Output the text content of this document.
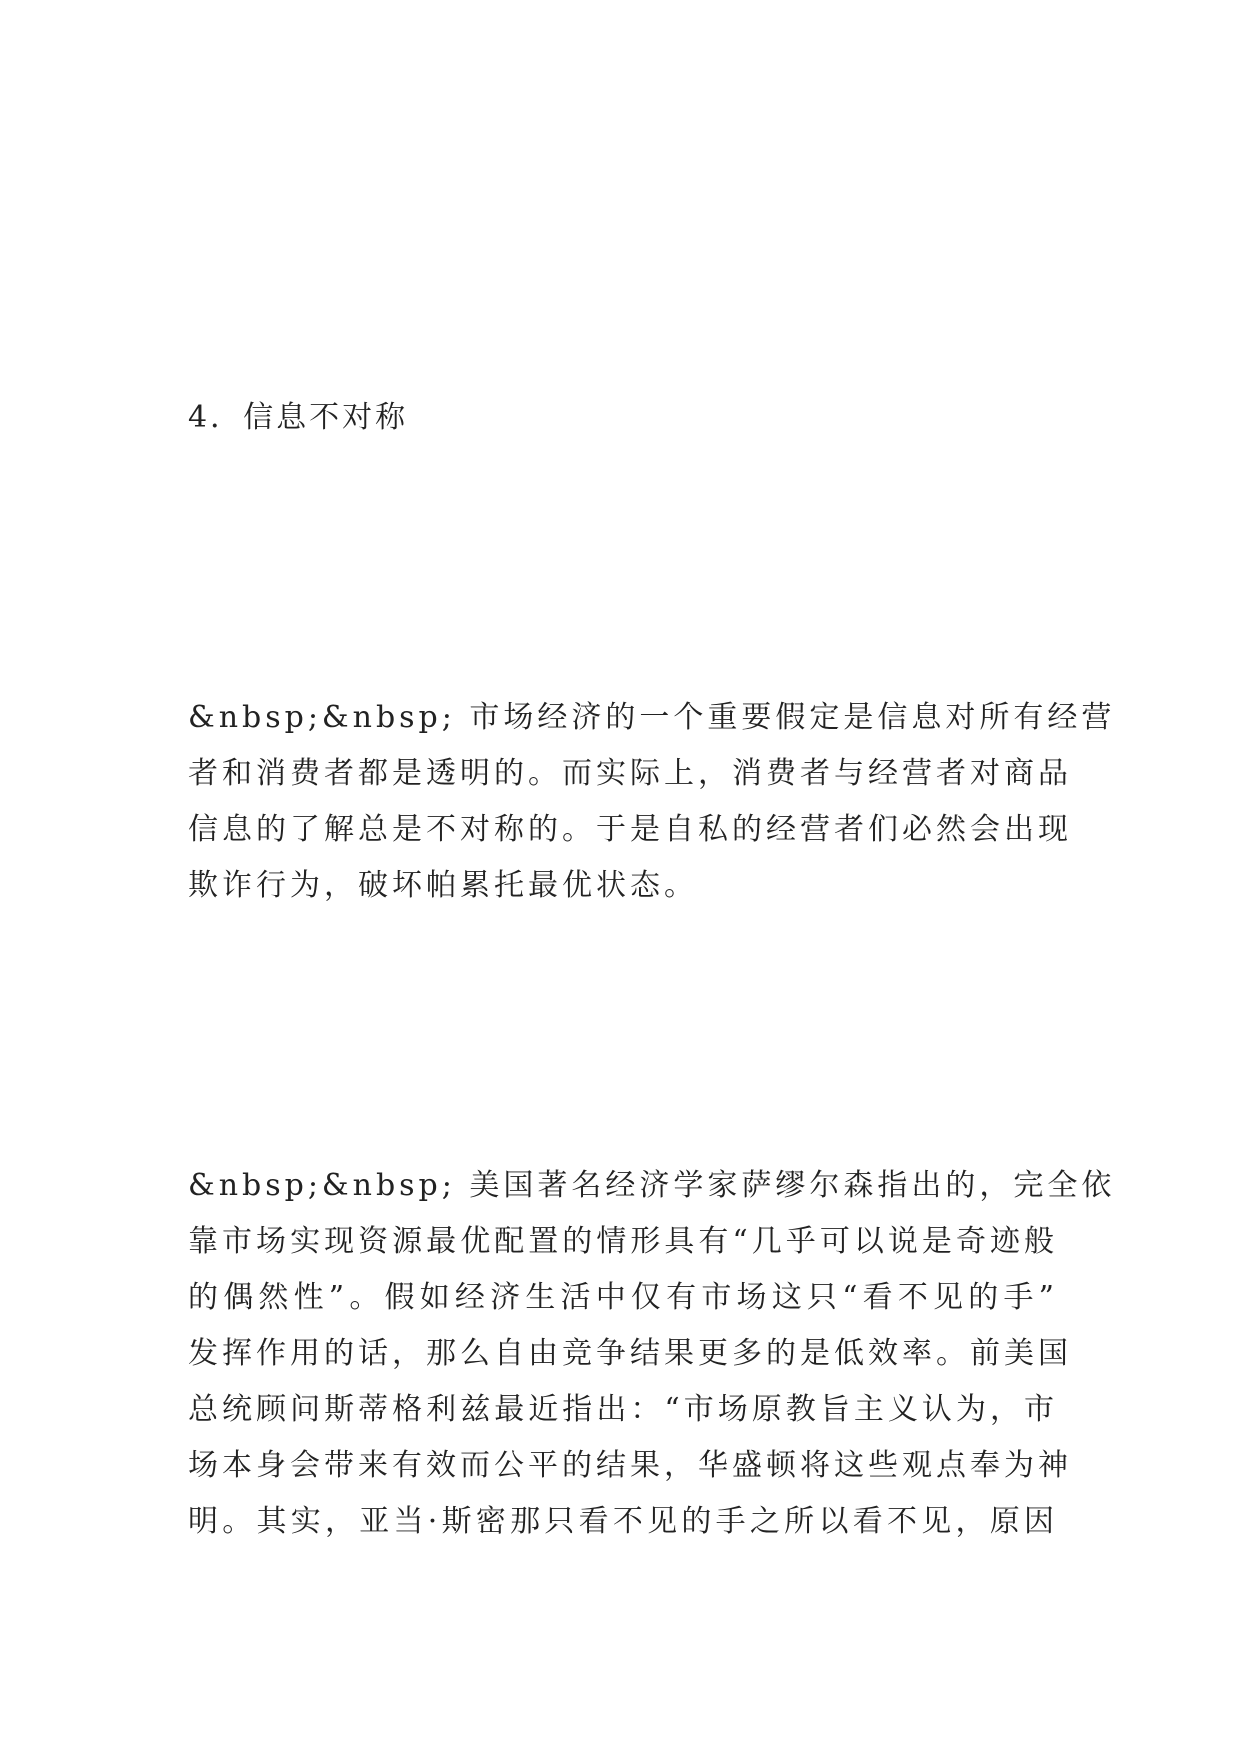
4．信息不对称
&nbsp;&nbsp; 市场经济的一个重要假定是信息对所有经营
者和消费者都是透明的。而实际上，消费者与经营者对商品
信息的了解总是不对称的。于是自私的经营者们必然会出现
欺诈行为，破坏帕累托最优状态。
&nbsp;&nbsp; 美国著名经济学家萨缪尔森指出的，完全依
靠市场实现资源最优配置的情形具有“几乎可以说是奇迹般
的偶然性”。假如经济生活中仅有市场这只“看不见的手”
发挥作用的话，那么自由竞争结果更多的是低效率。前美国
总统顾问斯蒂格利兹最近指出：“市场原教旨主义认为，市
场本身会带来有效而公平的结果，华盛顿将这些观点奉为神
明。其实，亚当·斯密那只看不见的手之所以看不见，原因
